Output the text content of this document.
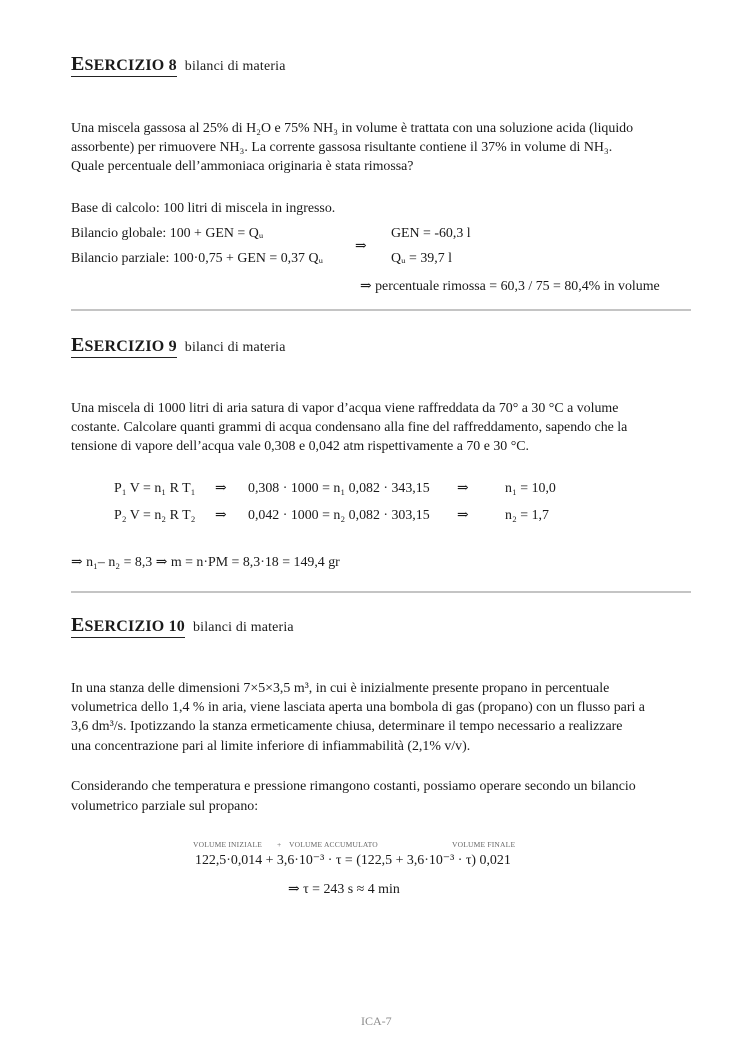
ESERCIZIO 8 bilanci di materia
Una miscela gassosa al 25% di H₂O e 75% NH₃ in volume è trattata con una soluzione acida (liquido
assorbente) per rimuovere NH₃. La corrente gassosa risultante contiene il 37% in volume di NH₃.
Quale percentuale dell’ammoniaca originaria è stata rimossa?
Base di calcolo: 100 litri di miscela in ingresso.
Bilancio globale: 100 + GEN = Qᵤ
Bilancio parziale: 100·0,75 + GEN = 0,37 Qᵤ
⇒
GEN = -60,3 l
Qᵤ = 39,7 l
⇒ percentuale rimossa = 60,3 / 75 = 80,4% in volume
ESERCIZIO 9 bilanci di materia
Una miscela di 1000 litri di aria satura di vapor d’acqua viene raffreddata da 70° a 30 °C a volume
costante. Calcolare quanti grammi di acqua condensano alla fine del raffreddamento, sapendo che la
tensione di vapore dell’acqua vale 0,308 e 0,042 atm rispettivamente a 70 e 30 °C.
P₁ V = n₁ R T₁ ⇒ 0,308 · 1000 = n₁ 0,082 · 343,15 ⇒	n₁ = 10,0
P₂ V = n₂ R T₂ ⇒ 0,042 · 1000 = n₂ 0,082 · 303,15 ⇒	n₂ = 1,7
⇒ n₁– n₂ = 8,3 ⇒ m = n·PM = 8,3·18 = 149,4 gr
ESERCIZIO 10 bilanci di materia
In una stanza delle dimensioni 7×5×3,5 m³, in cui è inizialmente presente propano in percentuale
volumetrica dello 1,4 % in aria, viene lasciata aperta una bombola di gas (propano) con un flusso pari a
3,6 dm³/s. Ipotizzando la stanza ermeticamente chiusa, determinare il tempo necessario a realizzare
una concentrazione pari al limite inferiore di infiammabilità (2,1% v/v).
Considerando che temperatura e pressione rimangono costanti, possiamo operare secondo un bilancio
volumetrico parziale sul propano:
VOLUME INIZIALE + VOLUME ACCUMULATO	VOLUME FINALE
122,5·0,014 + 3,6·10⁻³ · τ = (122,5 + 3,6·10⁻³ · τ) 0,021
⇒ τ = 243 s ≈ 4 min
ICA-7
